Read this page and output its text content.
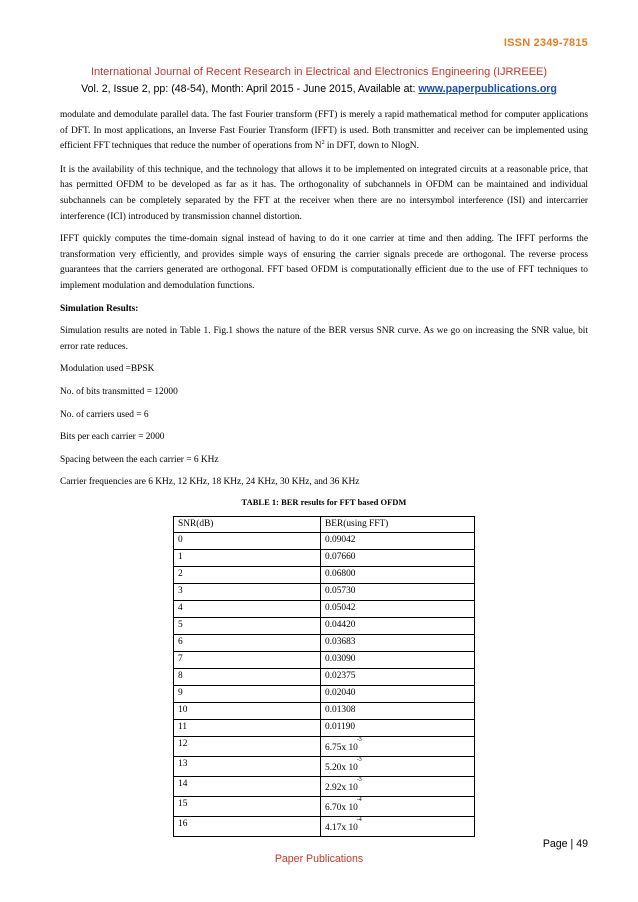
ISSN 2349-7815
International Journal of Recent Research in Electrical and Electronics Engineering (IJRREEE)
Vol. 2, Issue 2, pp: (48-54), Month: April 2015 - June 2015, Available at: www.paperpublications.org

modulate and demodulate parallel data. The fast Fourier transform (FFT) is merely a rapid mathematical method for computer applications of DFT. In most applications, an Inverse Fast Fourier Transform (IFFT) is used. Both transmitter and receiver can be implemented using efficient FFT techniques that reduce the number of operations from $N^2$ in DFT, down to NlogN.

It is the availability of this technique, and the technology that allows it to be implemented on integrated circuits at a reasonable price, that has permitted OFDM to be developed as far as it has. The orthogonality of subchannels in OFDM can be maintained and individual subchannels can be completely separated by the FFT at the receiver when there are no intersymbol interference (ISI) and intercarrier interference (ICI) introduced by transmission channel distortion.

IFFT quickly computes the time-domain signal instead of having to do it one carrier at time and then adding. The IFFT performs the transformation very efficiently, and provides simple ways of ensuring the carrier signals precede are orthogonal. The reverse process guarantees that the carriers generated are orthogonal. FFT based OFDM is computationally efficient due to the use of FFT techniques to implement modulation and demodulation functions.

Simulation Results:

Simulation results are noted in Table 1. Fig.1 shows the nature of the BER versus SNR curve. As we go on increasing the SNR value, bit error rate reduces.

Modulation used =BPSK

No. of bits transmitted = 12000

No. of carriers used = 6

Bits per each carrier = 2000

Spacing between the each carrier = 6 KHz

Carrier frequencies are 6 KHz, 12 KHz, 18 KHz, 24 KHz, 30 KHz, and 36 KHz

TABLE 1: BER results for FFT based OFDM
SNR(dB)	BER(using FFT)
0	0.09042
1	0.07660
2	0.06800
3	0.05730
4	0.05042
5	0.04420
6	0.03683
7	0.03090
8	0.02375
9	0.02040
10	0.01308
11	0.01190
12	6.75x $10^{-3}$
13	5.20x $10^{-3}$
14	2.92x $10^{-3}$
15	6.70x $10^{-4}$
16	4.17x $10^{-4}$
Page | 49
Paper Publications
